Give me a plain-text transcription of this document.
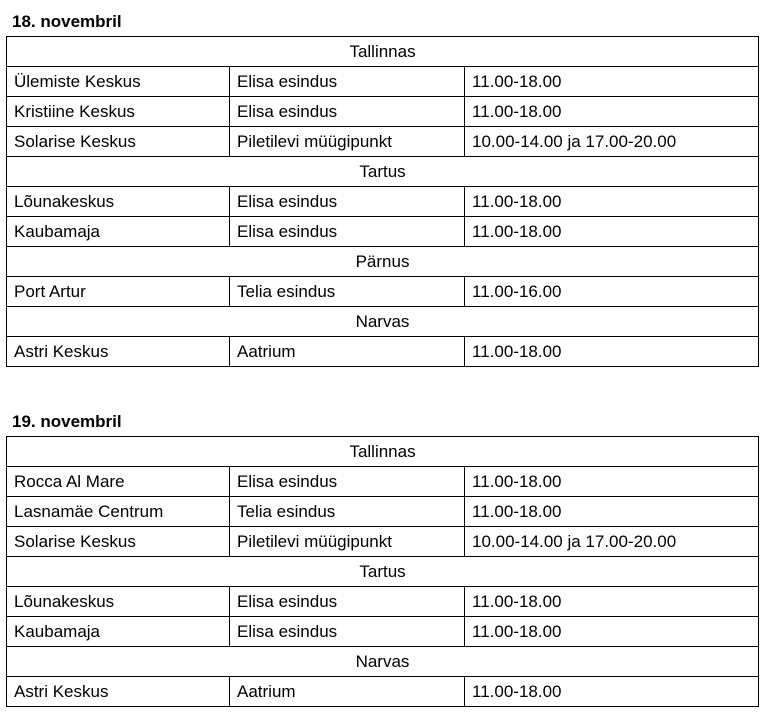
18. novembril
Tallinnas		
Ülemiste Keskus	Elisa esindus	11.00-18.00
Kristiine Keskus	Elisa esindus	11.00-18.00
Solarise Keskus	Piletilevi müügipunkt	10.00-14.00 ja 17.00-20.00
Tartus		
Lõunakeskus	Elisa esindus	11.00-18.00
Kaubamaja	Elisa esindus	11.00-18.00
Pärnus		
Port Artur	Telia esindus	11.00-16.00
Narvas		
Astri Keskus	Aatrium	11.00-18.00
19. novembril
Tallinnas		
Rocca Al Mare	Elisa esindus	11.00-18.00
Lasnamäe Centrum	Telia esindus	11.00-18.00
Solarise Keskus	Piletilevi müügipunkt	10.00-14.00 ja 17.00-20.00
Tartus		
Lõunakeskus	Elisa esindus	11.00-18.00
Kaubamaja	Elisa esindus	11.00-18.00
Narvas		
Astri Keskus	Aatrium	11.00-18.00
